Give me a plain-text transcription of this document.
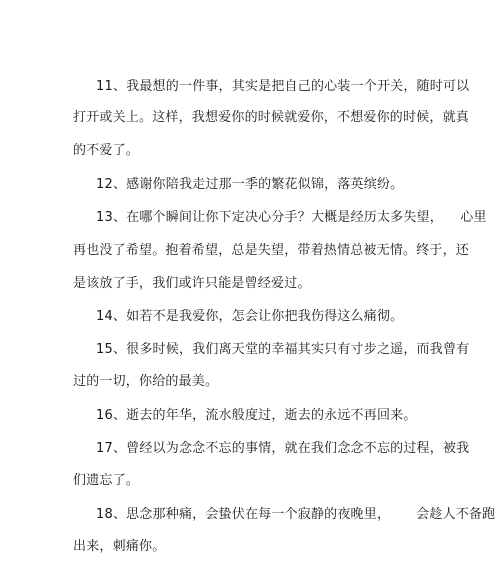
11、我最想的一件事，其实是把自己的心装一个开关，随时可以
打开或关上。这样，我想爱你的时候就爱你，不想爱你的时候，就真
的不爱了。
12、感谢你陪我走过那一季的繁花似锦，落英缤纷。
13、在哪个瞬间让你下定决心分手？大概是经历太多失望，    心里
再也没了希望。抱着希望，总是失望，带着热情总被无情。终于，还
是该放了手，我们或许只能是曾经爱过。
14、如若不是我爱你，怎会让你把我伤得这么痛彻。
15、很多时候，我们离天堂的幸福其实只有寸步之遥，而我曾有
过的一切，你给的最美。
16、逝去的年华，流水般度过，逝去的永远不再回来。
17、曾经以为念念不忘的事情，就在我们念念不忘的过程，被我
们遗忘了。
18、思念那种痛，会蛰伏在每一个寂静的夜晚里，      会趁人不备跑
出来，刺痛你。
